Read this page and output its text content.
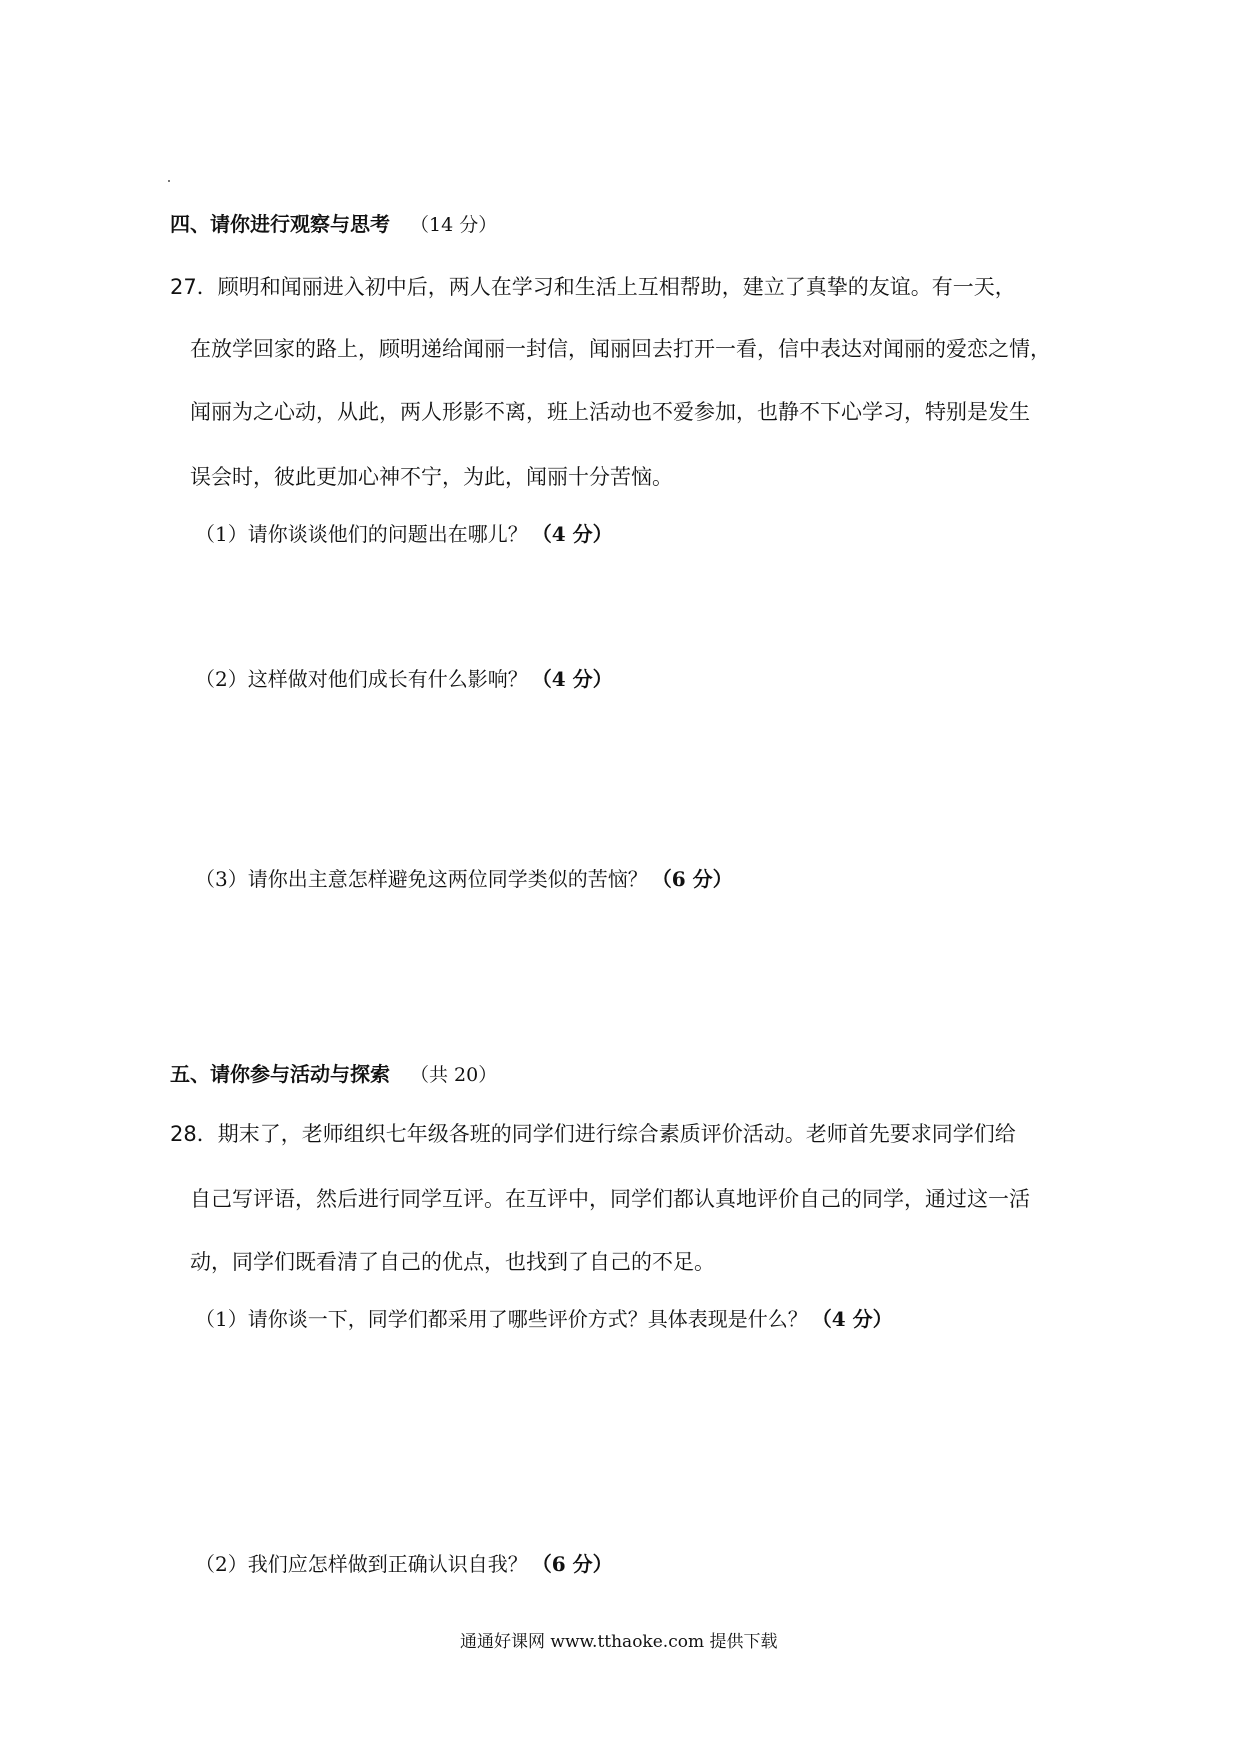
四、请你进行观察与思考 （14 分）
27．顾明和闻丽进入初中后，两人在学习和生活上互相帮助，建立了真挚的友谊。有一天，
在放学回家的路上，顾明递给闻丽一封信，闻丽回去打开一看，信中表达对闻丽的爱恋之情，
闻丽为之心动，从此，两人形影不离，班上活动也不爱参加，也静不下心学习，特别是发生
误会时，彼此更加心神不宁，为此，闻丽十分苦恼。
（1）请你谈谈他们的问题出在哪儿？ （4 分）
（2）这样做对他们成长有什么影响？ （4 分）
（3）请你出主意怎样避免这两位同学类似的苦恼？ （6 分）
五、请你参与活动与探索 （共 20）
28．期末了，老师组织七年级各班的同学们进行综合素质评价活动。老师首先要求同学们给
自己写评语，然后进行同学互评。在互评中，同学们都认真地评价自己的同学，通过这一活
动，同学们既看清了自己的优点，也找到了自己的不足。
（1）请你谈一下，同学们都采用了哪些评价方式？具体表现是什么？ （4 分）
（2）我们应怎样做到正确认识自我？ （6 分）
通通好课网 www.tthaoke.com 提供下载
